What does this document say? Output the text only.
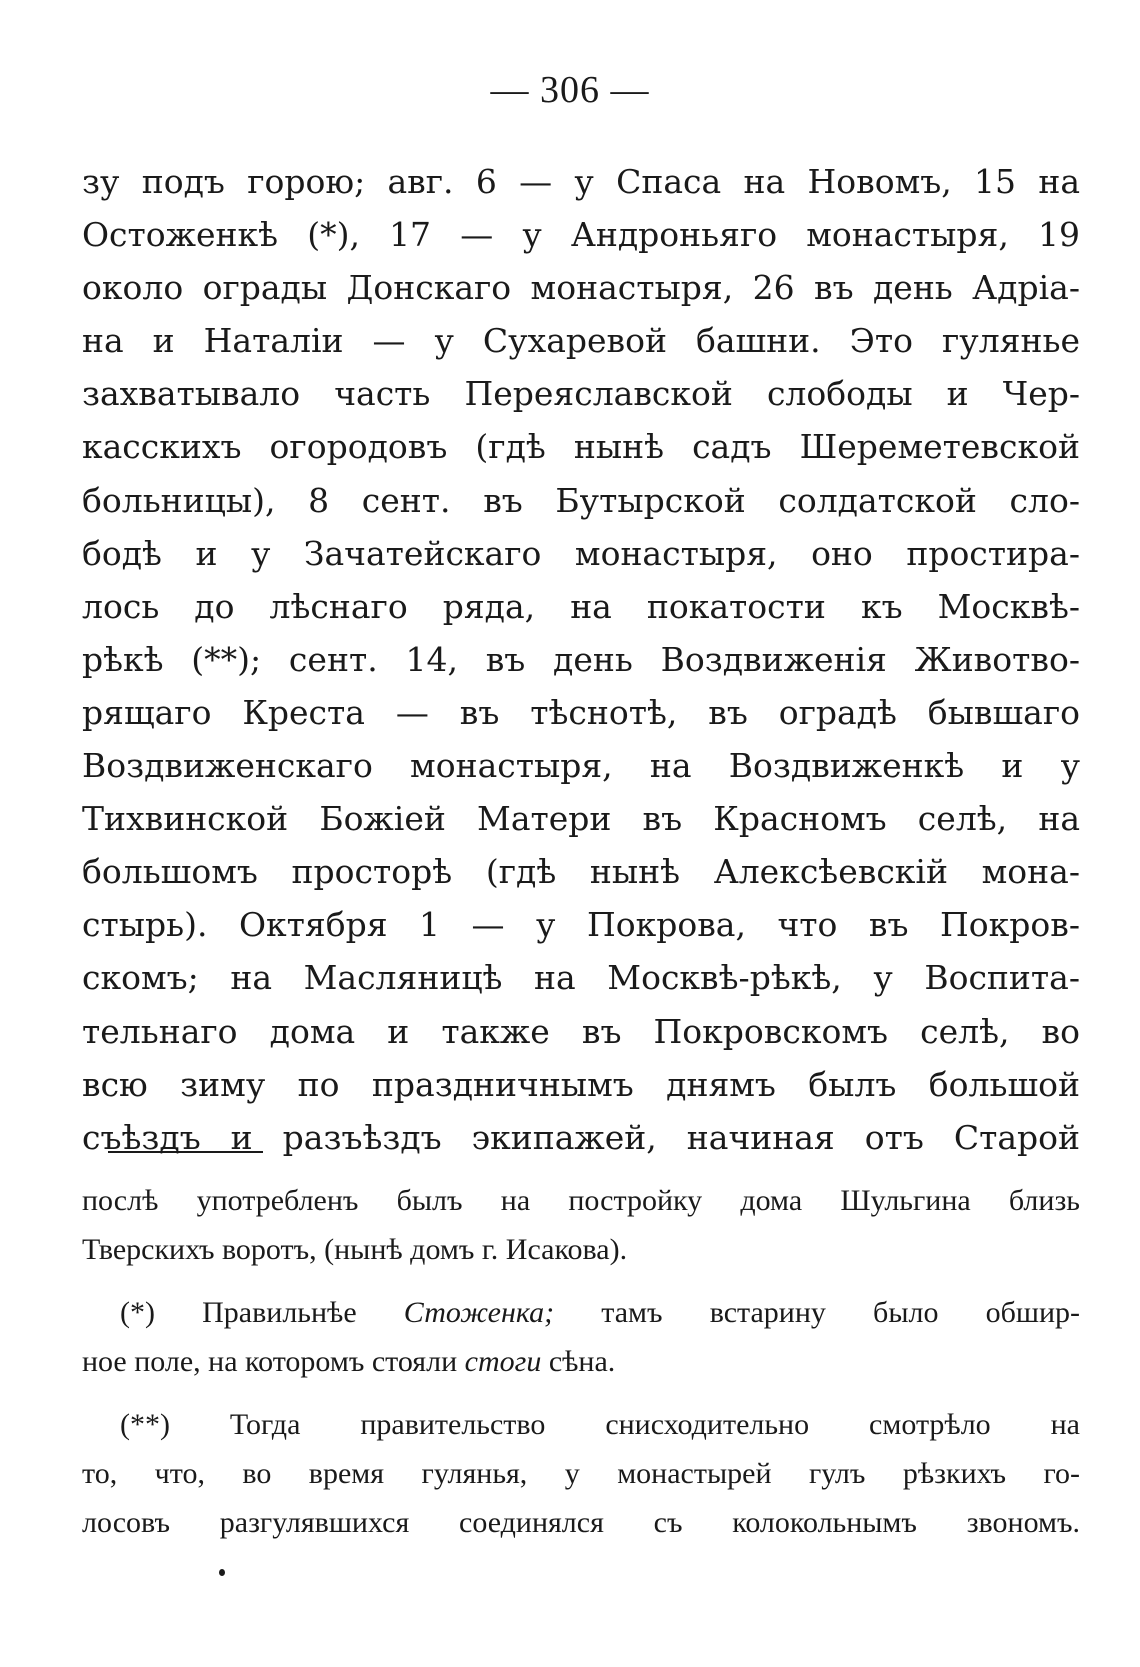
— 306 —
зу подъ горою; авг. 6 — у Спаса на Новомъ, 15 на
Остоженкѣ (*), 17 — у Андроньяго монастыря, 19
около ограды Донскаго монастыря, 26 въ день Адріа-
на и Наталіи — у Сухаревой башни. Это гулянье
захватывало часть Переяславской слободы и Чер-
касскихъ огородовъ (гдѣ нынѣ садъ Шереметевской
больницы), 8 сент. въ Бутырской солдатской сло-
бодѣ и у Зачатейскаго монастыря, оно простира-
лось до лѣснаго ряда, на покатости къ Москвѣ-
рѣкѣ (**); сент. 14, въ день Воздвиженія Животво-
рящаго Креста — въ тѣснотѣ, въ оградѣ бывшаго
Воздвиженскаго монастыря, на Воздвиженкѣ и у
Тихвинской Божіей Матери въ Красномъ селѣ, на
большомъ просторѣ (гдѣ нынѣ Алексѣевскій мона-
стырь). Октября 1 — у Покрова, что въ Покров-
скомъ; на Масляницѣ на Москвѣ-рѣкѣ, у Воспита-
тельнаго дома и также въ Покровскомъ селѣ, во
всю зиму по праздничнымъ днямъ былъ большой
съѣздъ и разъѣздъ экипажей, начиная отъ Старой
послѣ употребленъ былъ на постройку дома Шульгина близь
Тверскихъ воротъ, (нынѣ домъ г. Исакова).
(*) Правильнѣе Стоженка; тамъ встарину было обшир-
ное поле, на которомъ стояли стоги сѣна.
(**) Тогда правительство снисходительно смотрѣло на
то, что, во время гулянья, у монастырей гулъ рѣзкихъ го-
лосовъ разгулявшихся соединялся съ колокольнымъ звономъ.
